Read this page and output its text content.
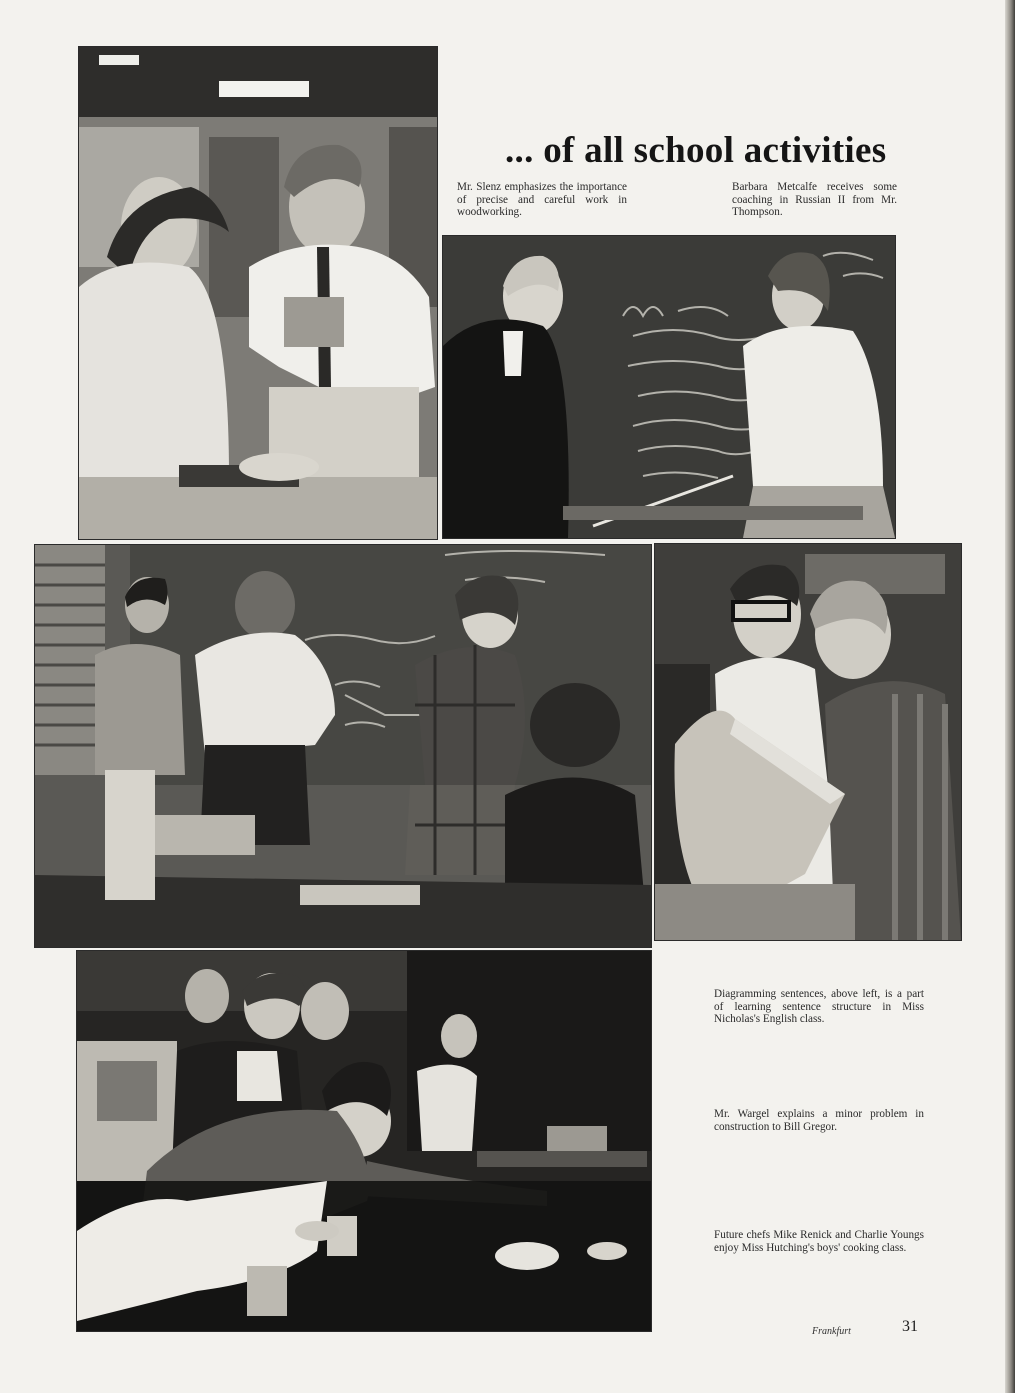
... of all school activities

Mr. Slenz emphasizes the importance of precise and careful work in woodworking.

Barbara Metcalfe receives some coaching in Russian II from Mr. Thompson.

Diagramming sentences, above left, is a part of learning sentence structure in Miss Nicholas's English class.

Mr. Wargel explains a minor problem in construction to Bill Gregor.

Future chefs Mike Renick and Charlie Youngs enjoy Miss Hutching's boys' cooking class.

Frankfurt	31
